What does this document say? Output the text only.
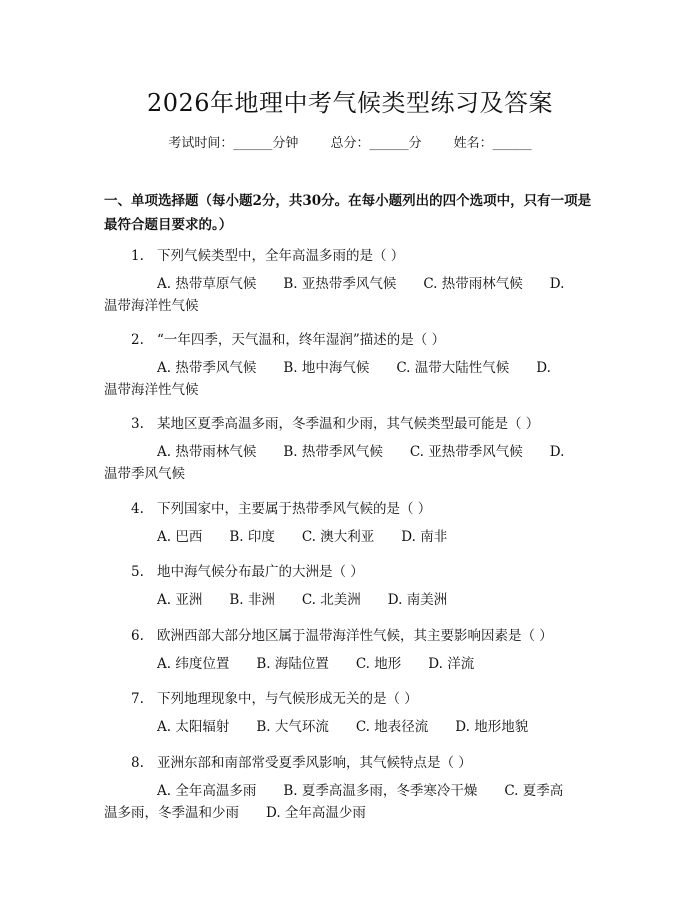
2026年地理中考气候类型练习及答案
考试时间：______分钟 总分：______分 姓名：______
一、单项选择题（每小题2分，共30分。在每小题列出的四个选项中，只有一项是最符合题目要求的。）
1. 下列气候类型中，全年高温多雨的是（ ）
A. 热带草原气候　　B. 亚热带季风气候　　C. 热带雨林气候　　D.
温带海洋性气候
2. “一年四季，天气温和，终年湿润”描述的是（ ）
A. 热带季风气候　　B. 地中海气候　　C. 温带大陆性气候　　D.
温带海洋性气候
3. 某地区夏季高温多雨，冬季温和少雨，其气候类型最可能是（ ）
A. 热带雨林气候　　B. 热带季风气候　　C. 亚热带季风气候　　D.
温带季风气候
4. 下列国家中，主要属于热带季风气候的是（ ）
A. 巴西　　B. 印度　　C. 澳大利亚　　D. 南非
5. 地中海气候分布最广的大洲是（ ）
A. 亚洲　　B. 非洲　　C. 北美洲　　D. 南美洲
6. 欧洲西部大部分地区属于温带海洋性气候，其主要影响因素是（ ）
A. 纬度位置　　B. 海陆位置　　C. 地形　　D. 洋流
7. 下列地理现象中，与气候形成无关的是（ ）
A. 太阳辐射　　B. 大气环流　　C. 地表径流　　D. 地形地貌
8. 亚洲东部和南部常受夏季风影响，其气候特点是（ ）
A. 全年高温多雨　　B. 夏季高温多雨，冬季寒冷干燥　　C. 夏季高
温多雨，冬季温和少雨　　D. 全年高温少雨
